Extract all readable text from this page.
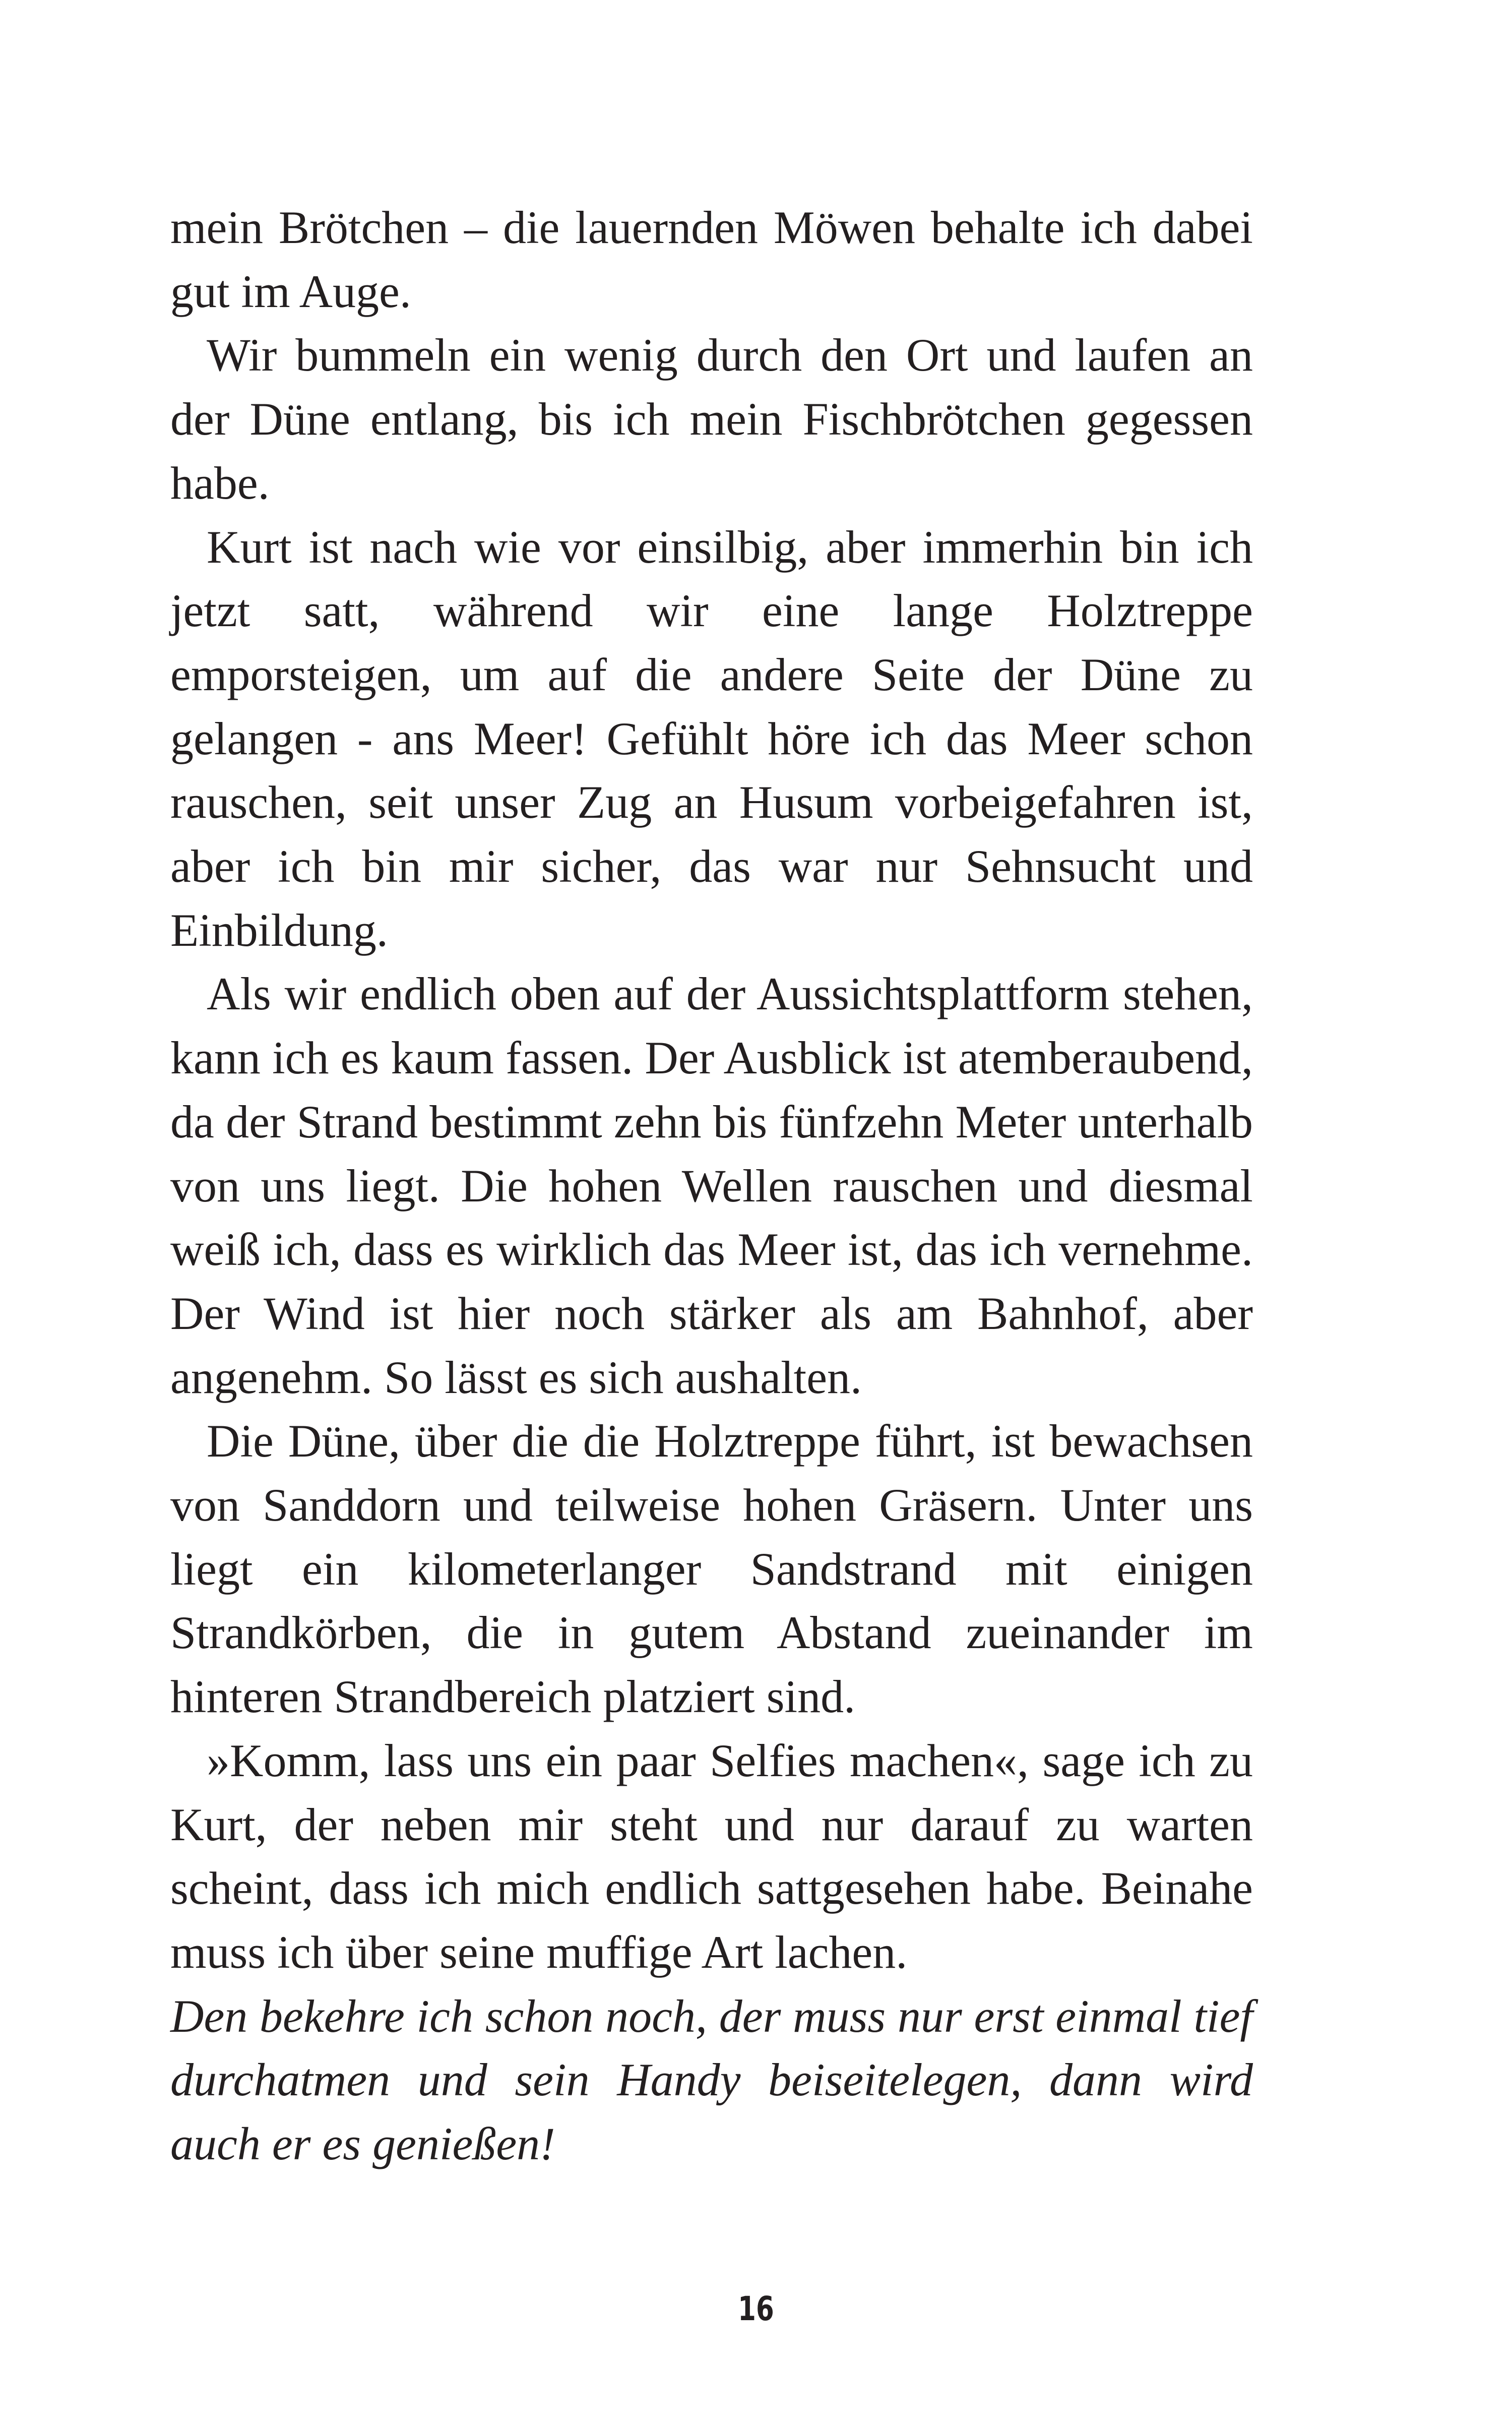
mein Brötchen – die lauernden Möwen behalte ich dabei gut im Auge.

Wir bummeln ein wenig durch den Ort und laufen an der Düne entlang, bis ich mein Fischbrötchen gegessen habe.

Kurt ist nach wie vor einsilbig, aber immerhin bin ich jetzt satt, während wir eine lange Holztreppe emporsteigen, um auf die andere Seite der Düne zu gelangen - ans Meer! Gefühlt höre ich das Meer schon rauschen, seit unser Zug an Husum vorbeigefahren ist, aber ich bin mir sicher, das war nur Sehnsucht und Einbildung.

Als wir endlich oben auf der Aussichtsplattform stehen, kann ich es kaum fassen. Der Ausblick ist atemberaubend, da der Strand bestimmt zehn bis fünfzehn Meter unterhalb von uns liegt. Die hohen Wellen rauschen und diesmal weiß ich, dass es wirklich das Meer ist, das ich vernehme. Der Wind ist hier noch stärker als am Bahnhof, aber angenehm. So lässt es sich aushalten.

Die Düne, über die die Holztreppe führt, ist bewachsen von Sanddorn und teilweise hohen Gräsern. Unter uns liegt ein kilometerlanger Sandstrand mit einigen Strandkörben, die in gutem Abstand zueinander im hinteren Strandbereich platziert sind.

»Komm, lass uns ein paar Selfies machen«, sage ich zu Kurt, der neben mir steht und nur darauf zu warten scheint, dass ich mich endlich sattgesehen habe. Beinahe muss ich über seine muffige Art lachen.

Den bekehre ich schon noch, der muss nur erst einmal tief durchatmen und sein Handy beiseitelegen, dann wird auch er es genießen!

16
